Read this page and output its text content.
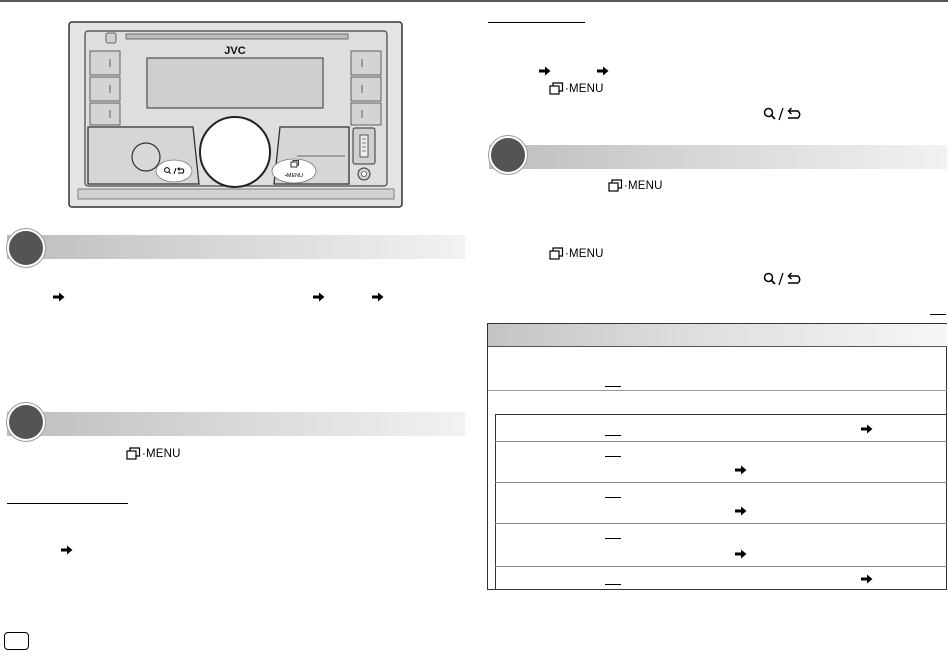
JVC
•MENU
·MENU
·MENU
·MENU
·MENU
